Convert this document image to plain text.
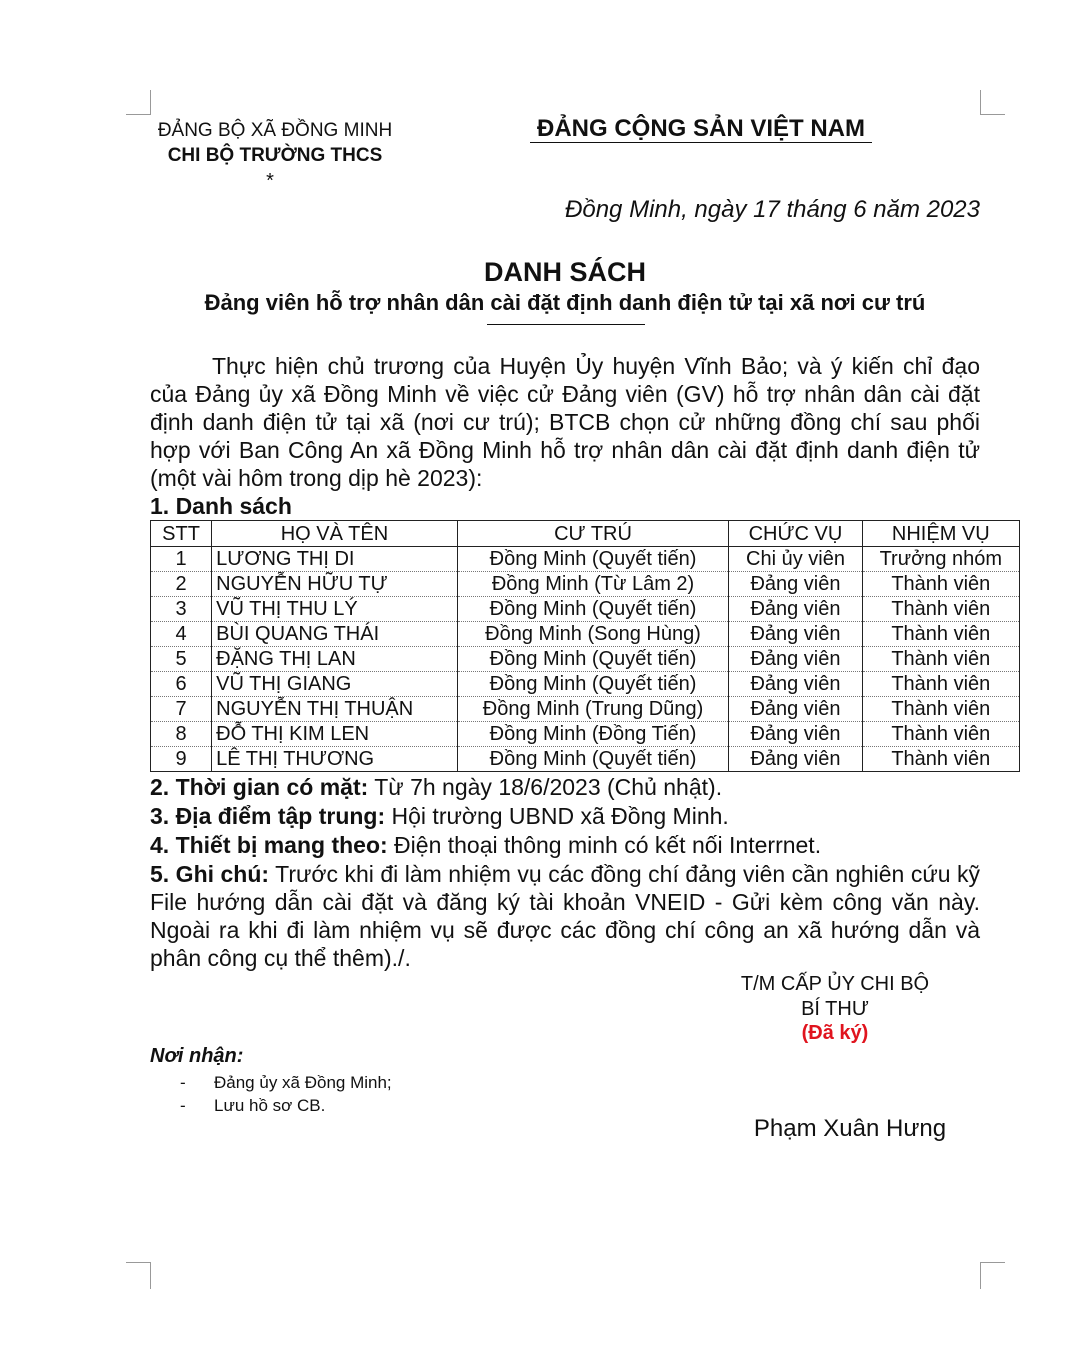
ĐẢNG BỘ XÃ ĐỒNG MINH
CHI BỘ TRƯỜNG THCS
*
ĐẢNG CỘNG SẢN VIỆT NAM
Đồng Minh, ngày 17 tháng 6 năm 2023
DANH SÁCH
Đảng viên hỗ trợ nhân dân cài đặt định danh điện tử tại xã nơi cư trú
Thực hiện chủ trương của Huyện Ủy huyện Vĩnh Bảo; và ý kiến chỉ đạo của Đảng ủy xã Đồng Minh về việc cử Đảng viên (GV) hỗ trợ nhân dân cài đặt định danh điện tử tại xã (nơi cư trú); BTCB chọn cử những đồng chí sau phối hợp với Ban Công An xã Đồng Minh hỗ trợ nhân dân cài đặt định danh điện tử (một vài hôm trong dịp hè 2023):
1. Danh sách
STT	HỌ VÀ TÊN	CƯ TRÚ	CHỨC VỤ	NHIỆM VỤ
1	LƯƠNG THỊ DI	Đồng Minh (Quyết tiến)	Chi ủy viên	Trưởng nhóm
2	NGUYỄN HỮU TỰ	Đồng Minh (Từ Lâm 2)	Đảng viên	Thành viên
3	VŨ THỊ THU LÝ	Đồng Minh (Quyết tiến)	Đảng viên	Thành viên
4	BÙI QUANG THÁI	Đồng Minh (Song Hùng)	Đảng viên	Thành viên
5	ĐẶNG THỊ LAN	Đồng Minh (Quyết tiến)	Đảng viên	Thành viên
6	VŨ THỊ GIANG	Đồng Minh (Quyết tiến)	Đảng viên	Thành viên
7	NGUYỄN THỊ THUẬN	Đồng Minh (Trung Dũng)	Đảng viên	Thành viên
8	ĐỖ THỊ KIM LEN	Đồng Minh (Đồng Tiến)	Đảng viên	Thành viên
9	LÊ THỊ THƯƠNG	Đồng Minh (Quyết tiến)	Đảng viên	Thành viên
2. Thời gian có mặt: Từ 7h ngày 18/6/2023 (Chủ nhật).
3. Địa điểm tập trung: Hội trường UBND xã Đồng Minh.
4. Thiết bị mang theo: Điện thoại thông minh có kết nối Interrnet.
5. Ghi chú: Trước khi đi làm nhiệm vụ các đồng chí đảng viên cần nghiên cứu kỹ File hướng dẫn cài đặt và đăng ký tài khoản VNEID - Gửi kèm công văn này. Ngoài ra khi đi làm nhiệm vụ sẽ được các đồng chí công an xã hướng dẫn và phân công cụ thể thêm)./.
T/M CẤP ỦY CHI BỘ
BÍ THƯ
(Đã ký)
Phạm Xuân Hưng
Nơi nhận:
- Đảng ủy xã Đồng Minh;
- Lưu hồ sơ CB.
